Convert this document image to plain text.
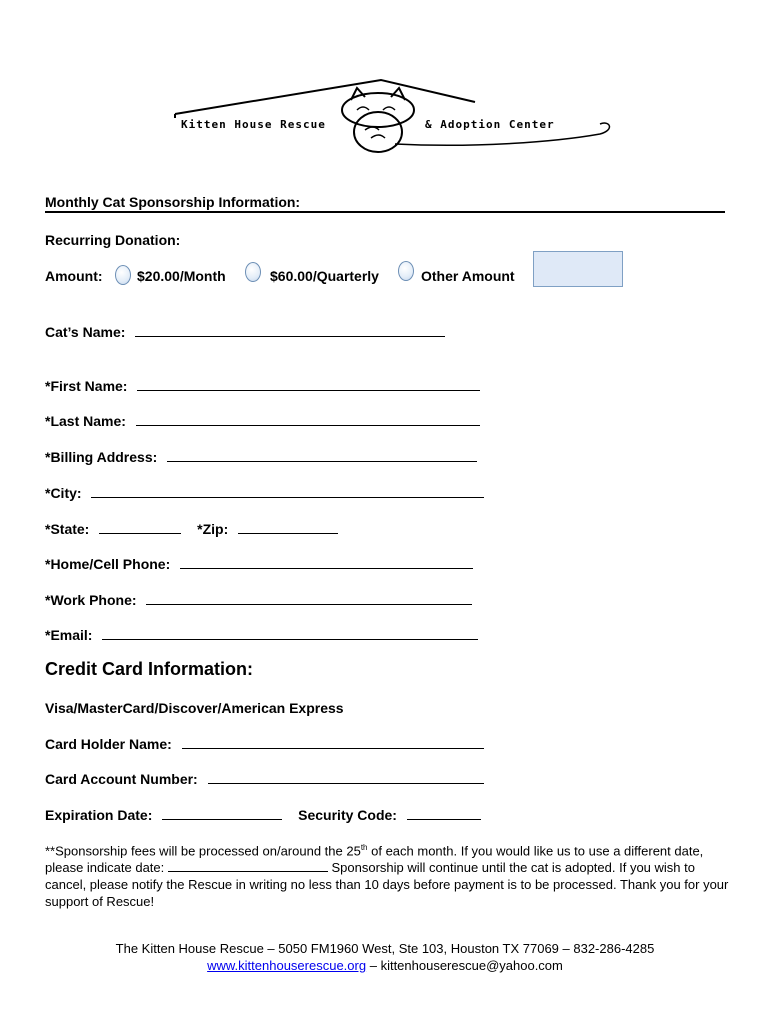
Kitten House Rescue	& Adoption Center
Monthly Cat Sponsorship Information:
Recurring Donation:
Amount: $20.00/Month	$60.00/Quarterly	Other Amount
Cat’s Name:
*First Name:
*Last Name:
*Billing Address:
*City:
*State:	*Zip:
*Home/Cell Phone:
*Work Phone:
*Email:
Credit Card Information:
Visa/MasterCard/Discover/American Express
Card Holder Name:
Card Account Number:
Expiration Date:	Security Code:
**Sponsorship fees will be processed on/around the 25th of each month. If you would like us to use a different date, please indicate date:	Sponsorship will continue until the cat is adopted. If you wish to cancel, please notify the Rescue in writing no less than 10 days before payment is to be processed. Thank you for your support of Rescue!
The Kitten House Rescue – 5050 FM1960 West, Ste 103, Houston TX 77069 – 832-286-4285
www.kittenhouserescue.org – kittenhouserescue@yahoo.com
